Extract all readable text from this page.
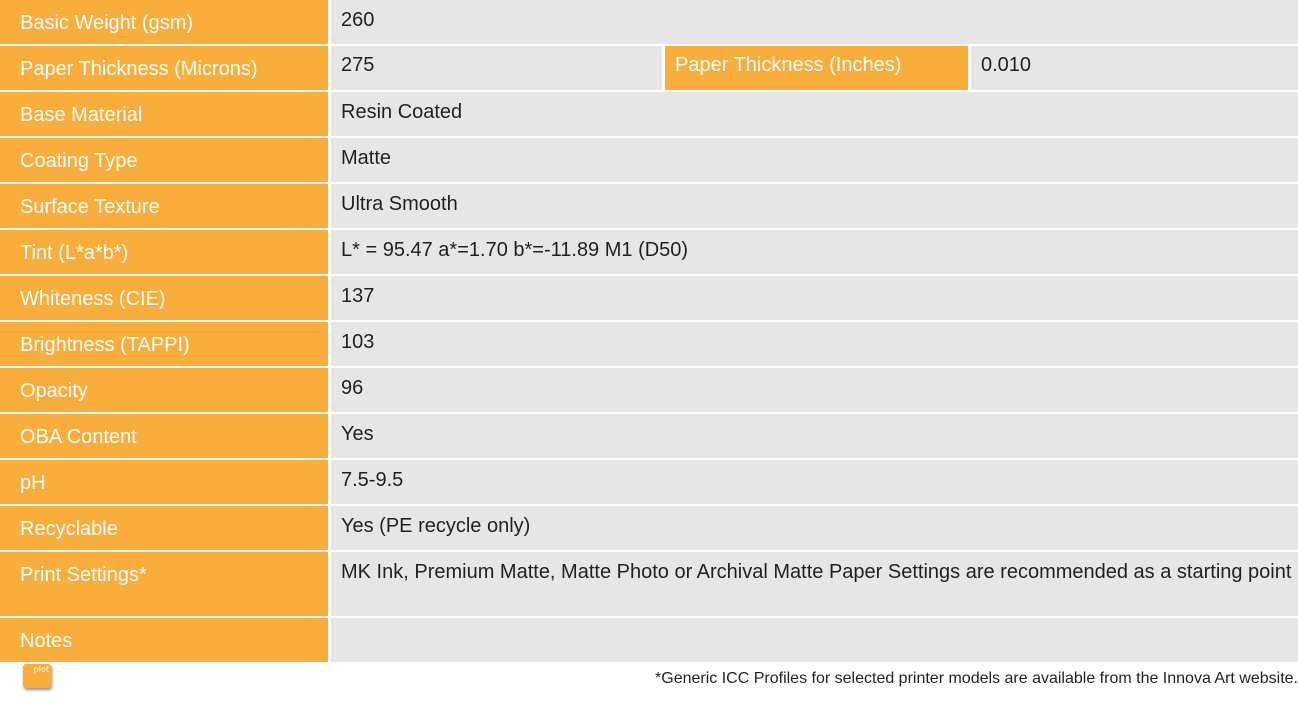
Basic Weight (gsm)	260
Paper Thickness (Microns)	275	Paper Thickness (Inches)	0.010
Base Material	Resin Coated
Coating Type	Matte
Surface Texture	Ultra Smooth
Tint (L*a*b*)	L* = 95.47 a*=1.70 b*=-11.89 M1 (D50)
Whiteness (CIE)	137
Brightness (TAPPI)	103
Opacity	96
OBA Content	Yes
pH	7.5-9.5
Recyclable	Yes (PE recycle only)
Print Settings*	MK Ink, Premium Matte, Matte Photo or Archival Matte Paper Settings are recommended as a starting point
Notes
plot
*Generic ICC Profiles for selected printer models are available from the Innova Art website.
